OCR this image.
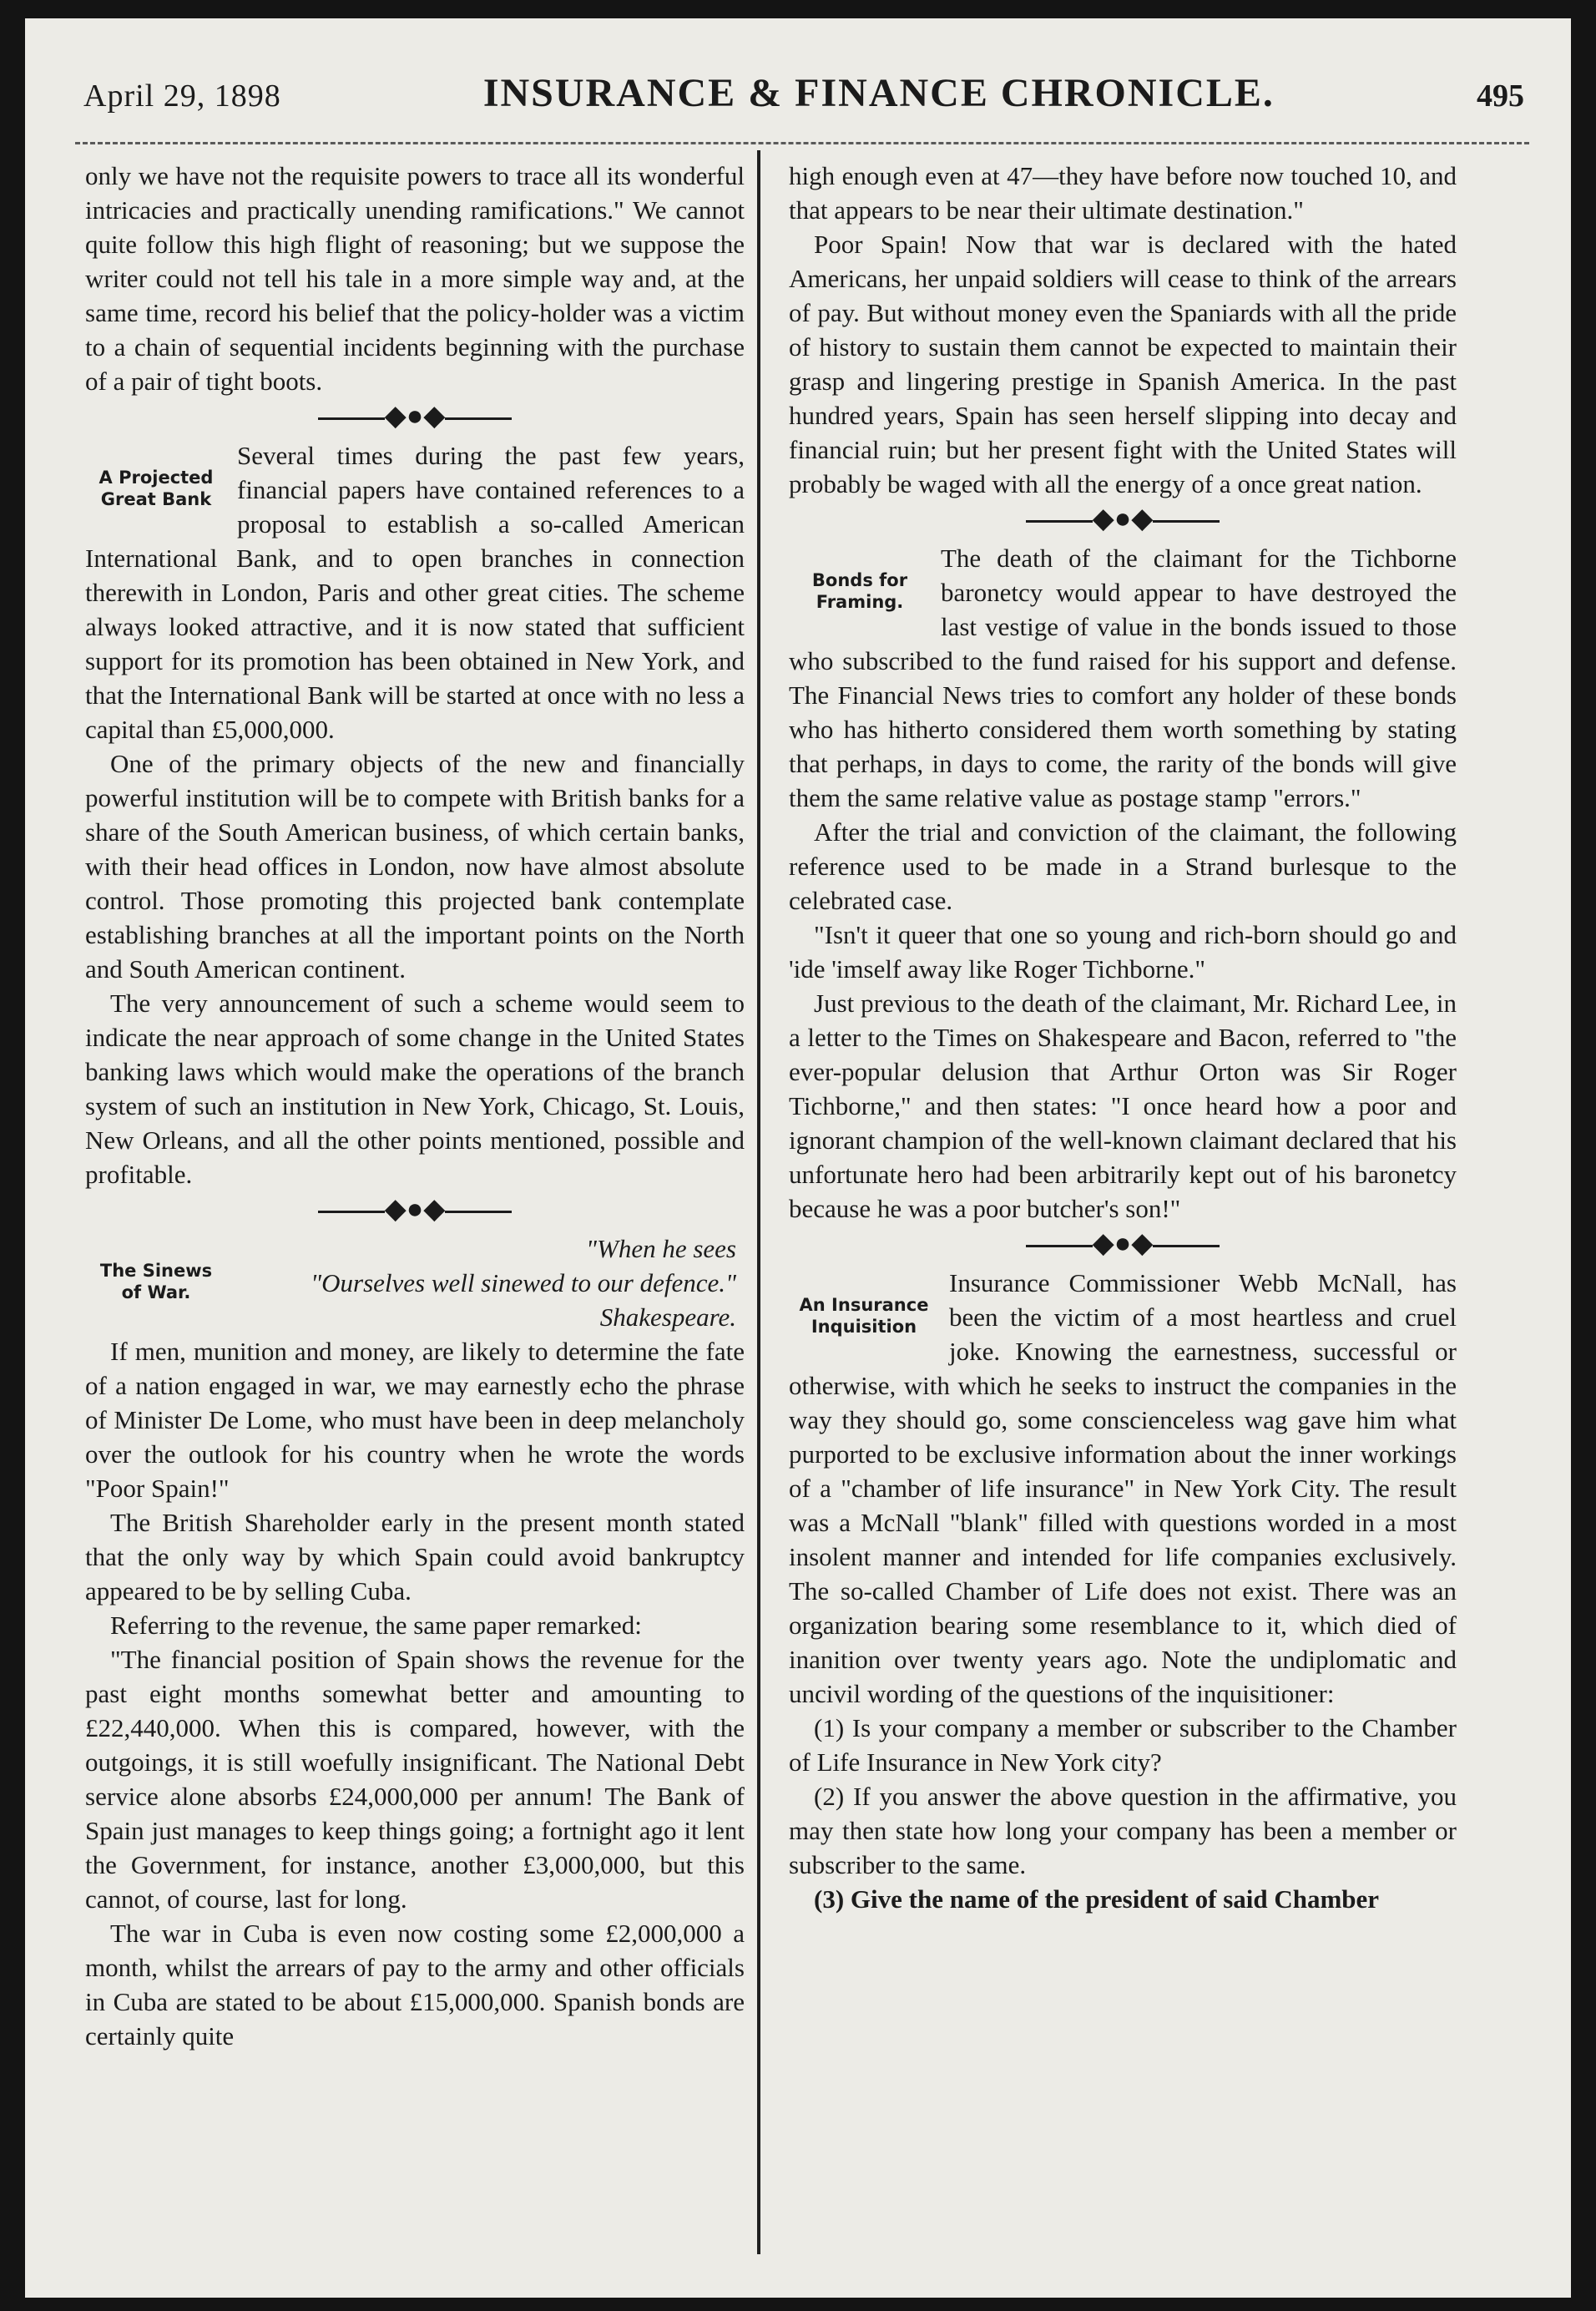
April 29, 1898	INSURANCE & FINANCE CHRONICLE.	495

only we have not the requisite powers to trace all its wonderful intricacies and practically unending ramifications." We cannot quite follow this high flight of reasoning; but we suppose the writer could not tell his tale in a more simple way and, at the same time, record his belief that the policy-holder was a victim to a chain of sequential incidents beginning with the purchase of a pair of tight boots.

◆●◆
A Projected
Great Bank

Several times during the past few years, financial papers have contained references to a proposal to establish a so-called American International Bank, and to open branches in connection therewith in London, Paris and other great cities. The scheme always looked attractive, and it is now stated that sufficient support for its promotion has been obtained in New York, and that the International Bank will be started at once with no less a capital than £5,000,000.

One of the primary objects of the new and financially powerful institution will be to compete with British banks for a share of the South American business, of which certain banks, with their head offices in London, now have almost absolute control. Those promoting this projected bank contemplate establishing branches at all the important points on the North and South American continent.

The very announcement of such a scheme would seem to indicate the near approach of some change in the United States banking laws which would make the operations of the branch system of such an institution in New York, Chicago, St. Louis, New Orleans, and all the other points mentioned, possible and profitable.

◆●◆
The Sinews
of War.

"When he sees

"Ourselves well sinewed to our defence."

Shakespeare.

If men, munition and money, are likely to determine the fate of a nation engaged in war, we may earnestly echo the phrase of Minister De Lome, who must have been in deep melancholy over the outlook for his country when he wrote the words "Poor Spain!"

The British Shareholder early in the present month stated that the only way by which Spain could avoid bankruptcy appeared to be by selling Cuba.

Referring to the revenue, the same paper remarked:

"The financial position of Spain shows the revenue for the past eight months somewhat better and amounting to £22,440,000. When this is compared, however, with the outgoings, it is still woefully insignificant. The National Debt service alone absorbs £24,000,000 per annum! The Bank of Spain just manages to keep things going; a fortnight ago it lent the Government, for instance, another £3,000,000, but this cannot, of course, last for long.

The war in Cuba is even now costing some £2,000,000 a month, whilst the arrears of pay to the army and other officials in Cuba are stated to be about £15,000,000. Spanish bonds are certainly quite

high enough even at 47—they have before now touched 10, and that appears to be near their ultimate destination."

Poor Spain! Now that war is declared with the hated Americans, her unpaid soldiers will cease to think of the arrears of pay. But without money even the Spaniards with all the pride of history to sustain them cannot be expected to maintain their grasp and lingering prestige in Spanish America. In the past hundred years, Spain has seen herself slipping into decay and financial ruin; but her present fight with the United States will probably be waged with all the energy of a once great nation.

◆●◆
Bonds for
Framing.

The death of the claimant for the Tichborne baronetcy would appear to have destroyed the last vestige of value in the bonds issued to those who subscribed to the fund raised for his support and defense. The Financial News tries to comfort any holder of these bonds who has hitherto considered them worth something by stating that perhaps, in days to come, the rarity of the bonds will give them the same relative value as postage stamp "errors."

After the trial and conviction of the claimant, the following reference used to be made in a Strand burlesque to the celebrated case.

"Isn't it queer that one so young and rich-born should go and 'ide 'imself away like Roger Tichborne."

Just previous to the death of the claimant, Mr. Richard Lee, in a letter to the Times on Shakespeare and Bacon, referred to "the ever-popular delusion that Arthur Orton was Sir Roger Tichborne," and then states: "I once heard how a poor and ignorant champion of the well-known claimant declared that his unfortunate hero had been arbitrarily kept out of his baronetcy because he was a poor butcher's son!"

◆●◆
An Insurance
Inquisition

Insurance Commissioner Webb McNall, has been the victim of a most heartless and cruel joke. Knowing the earnestness, successful or otherwise, with which he seeks to instruct the companies in the way they should go, some conscienceless wag gave him what purported to be exclusive information about the inner workings of a "chamber of life insurance" in New York City. The result was a McNall "blank" filled with questions worded in a most insolent manner and intended for life companies exclusively. The so-called Chamber of Life does not exist. There was an organization bearing some resemblance to it, which died of inanition over twenty years ago. Note the undiplomatic and uncivil wording of the questions of the inquisitioner:

(1) Is your company a member or subscriber to the Chamber of Life Insurance in New York city?

(2) If you answer the above question in the affirmative, you may then state how long your company has been a member or subscriber to the same.

(3) Give the name of the president of said Chamber
